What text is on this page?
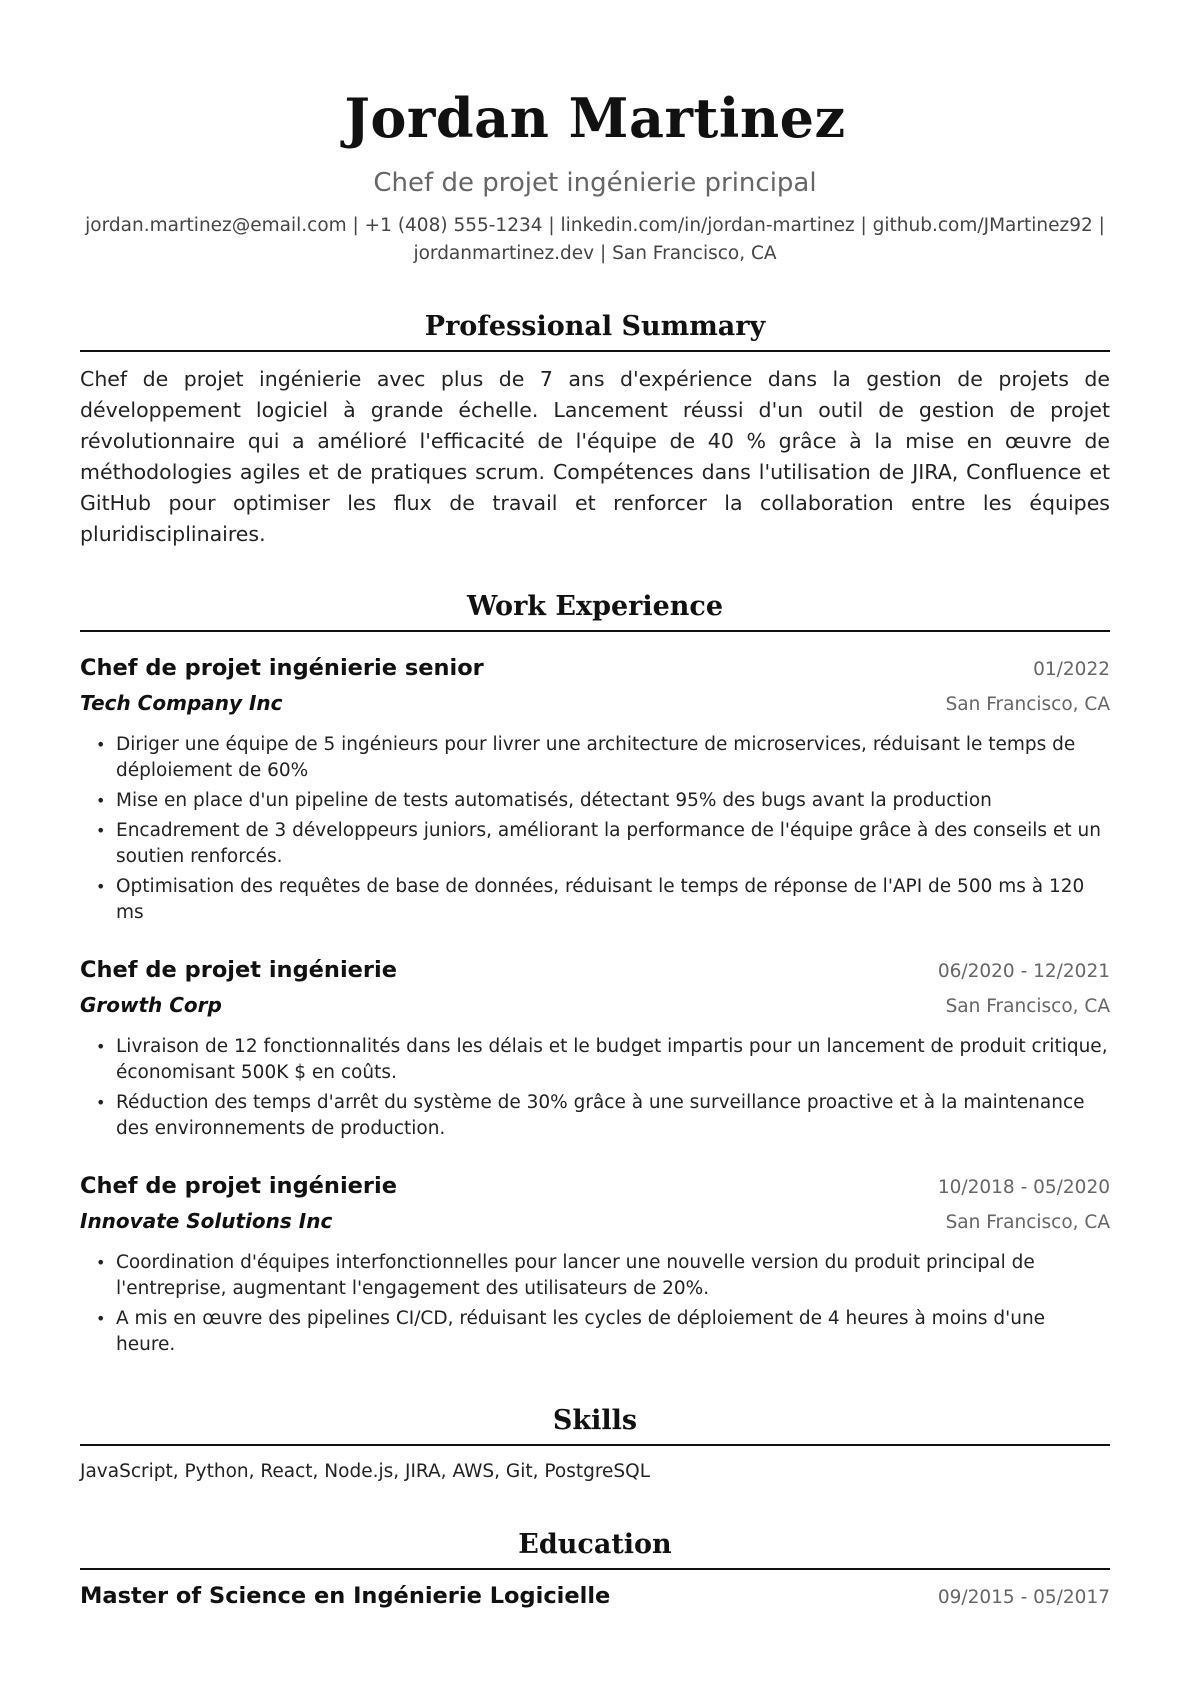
Jordan Martinez
Chef de projet ingénierie principal
jordan.martinez@email.com | +1 (408) 555-1234 | linkedin.com/in/jordan-martinez | github.com/JMartinez92 |
jordanmartinez.dev | San Francisco, CA
Professional Summary
Chef de projet ingénierie avec plus de 7 ans d'expérience dans la gestion de projets de développement logiciel à grande échelle. Lancement réussi d'un outil de gestion de projet révolutionnaire qui a amélioré l'efficacité de l'équipe de 40 % grâce à la mise en œuvre de méthodologies agiles et de pratiques scrum. Compétences dans l'utilisation de JIRA, Confluence et GitHub pour optimiser les flux de travail et renforcer la collaboration entre les équipes pluridisciplinaires.
Work Experience
Chef de projet ingénierie senior	01/2022
Tech Company Inc	San Francisco, CA
• Diriger une équipe de 5 ingénieurs pour livrer une architecture de microservices, réduisant le temps de déploiement de 60%
• Mise en place d'un pipeline de tests automatisés, détectant 95% des bugs avant la production
• Encadrement de 3 développeurs juniors, améliorant la performance de l'équipe grâce à des conseils et un soutien renforcés.
• Optimisation des requêtes de base de données, réduisant le temps de réponse de l'API de 500 ms à 120 ms
Chef de projet ingénierie	06/2020 - 12/2021
Growth Corp	San Francisco, CA
• Livraison de 12 fonctionnalités dans les délais et le budget impartis pour un lancement de produit critique, économisant 500K $ en coûts.
• Réduction des temps d'arrêt du système de 30% grâce à une surveillance proactive et à la maintenance des environnements de production.
Chef de projet ingénierie	10/2018 - 05/2020
Innovate Solutions Inc	San Francisco, CA
• Coordination d'équipes interfonctionnelles pour lancer une nouvelle version du produit principal de l'entreprise, augmentant l'engagement des utilisateurs de 20%.
• A mis en œuvre des pipelines CI/CD, réduisant les cycles de déploiement de 4 heures à moins d'une heure.
Skills
JavaScript, Python, React, Node.js, JIRA, AWS, Git, PostgreSQL
Education
Master of Science en Ingénierie Logicielle	09/2015 - 05/2017
